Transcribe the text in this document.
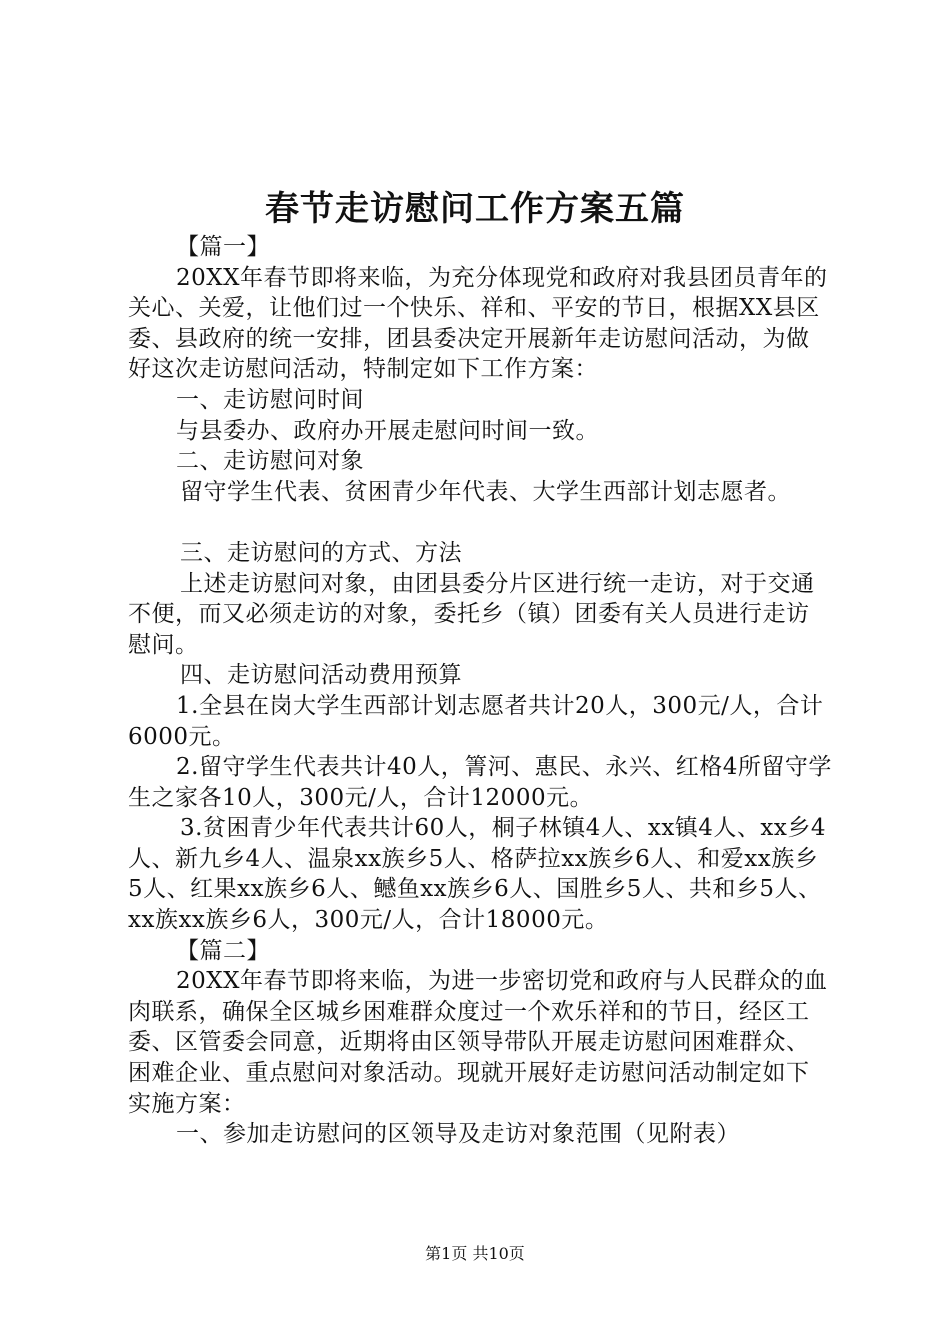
春节走访慰问工作方案五篇

【篇一】

20XX年春节即将来临，为充分体现党和政府对我县团员青年的关心、关爱，让他们过一个快乐、祥和、平安的节日，根据XX县区委、县政府的统一安排，团县委决定开展新年走访慰问活动，为做好这次走访慰问活动，特制定如下工作方案：

一、走访慰问时间

与县委办、政府办开展走慰问时间一致。

二、走访慰问对象

留守学生代表、贫困青少年代表、大学生西部计划志愿者。

三、走访慰问的方式、方法

上述走访慰问对象，由团县委分片区进行统一走访，对于交通不便，而又必须走访的对象，委托乡（镇）团委有关人员进行走访慰问。

四、走访慰问活动费用预算

1.全县在岗大学生西部计划志愿者共计20人，300元/人，合计6000元。

2.留守学生代表共计40人，箐河、惠民、永兴、红格4所留守学生之家各10人，300元/人，合计12000元。

3.贫困青少年代表共计60人，桐子林镇4人、xx镇4人、xx乡4人、新九乡4人、温泉xx族乡5人、格萨拉xx族乡6人、和爱xx族乡5人、红果xx族乡6人、鳡鱼xx族乡6人、国胜乡5人、共和乡5人、xx族xx族乡6人，300元/人，合计18000元。

【篇二】

20XX年春节即将来临，为进一步密切党和政府与人民群众的血肉联系，确保全区城乡困难群众度过一个欢乐祥和的节日，经区工委、区管委会同意，近期将由区领导带队开展走访慰问困难群众、困难企业、重点慰问对象活动。现就开展好走访慰问活动制定如下实施方案：

一、参加走访慰问的区领导及走访对象范围（见附表）

第1页 共10页
